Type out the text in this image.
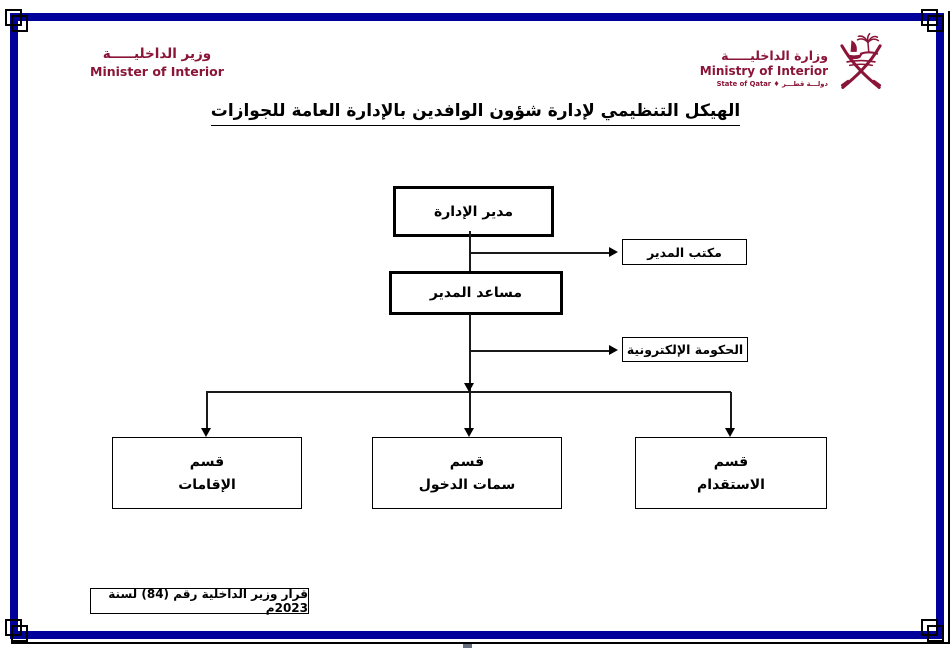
وزير الداخليـــــة
Minister of Interior
وزارة الداخليـــــة
Ministry of Interior
دولـــة قطـــر ♦ State of Qatar
الهيكل التنظيمي لإدارة شؤون الوافدين بالإدارة العامة للجوازات
مدير الإدارة
مكتب المدير
مساعد المدير
الحكومة الإلكترونية
قسم
الإقامات
قسم
سمات الدخول
قسم
الاستقدام
قرار وزير الداخلية رقم (84) لسنة 2023م
